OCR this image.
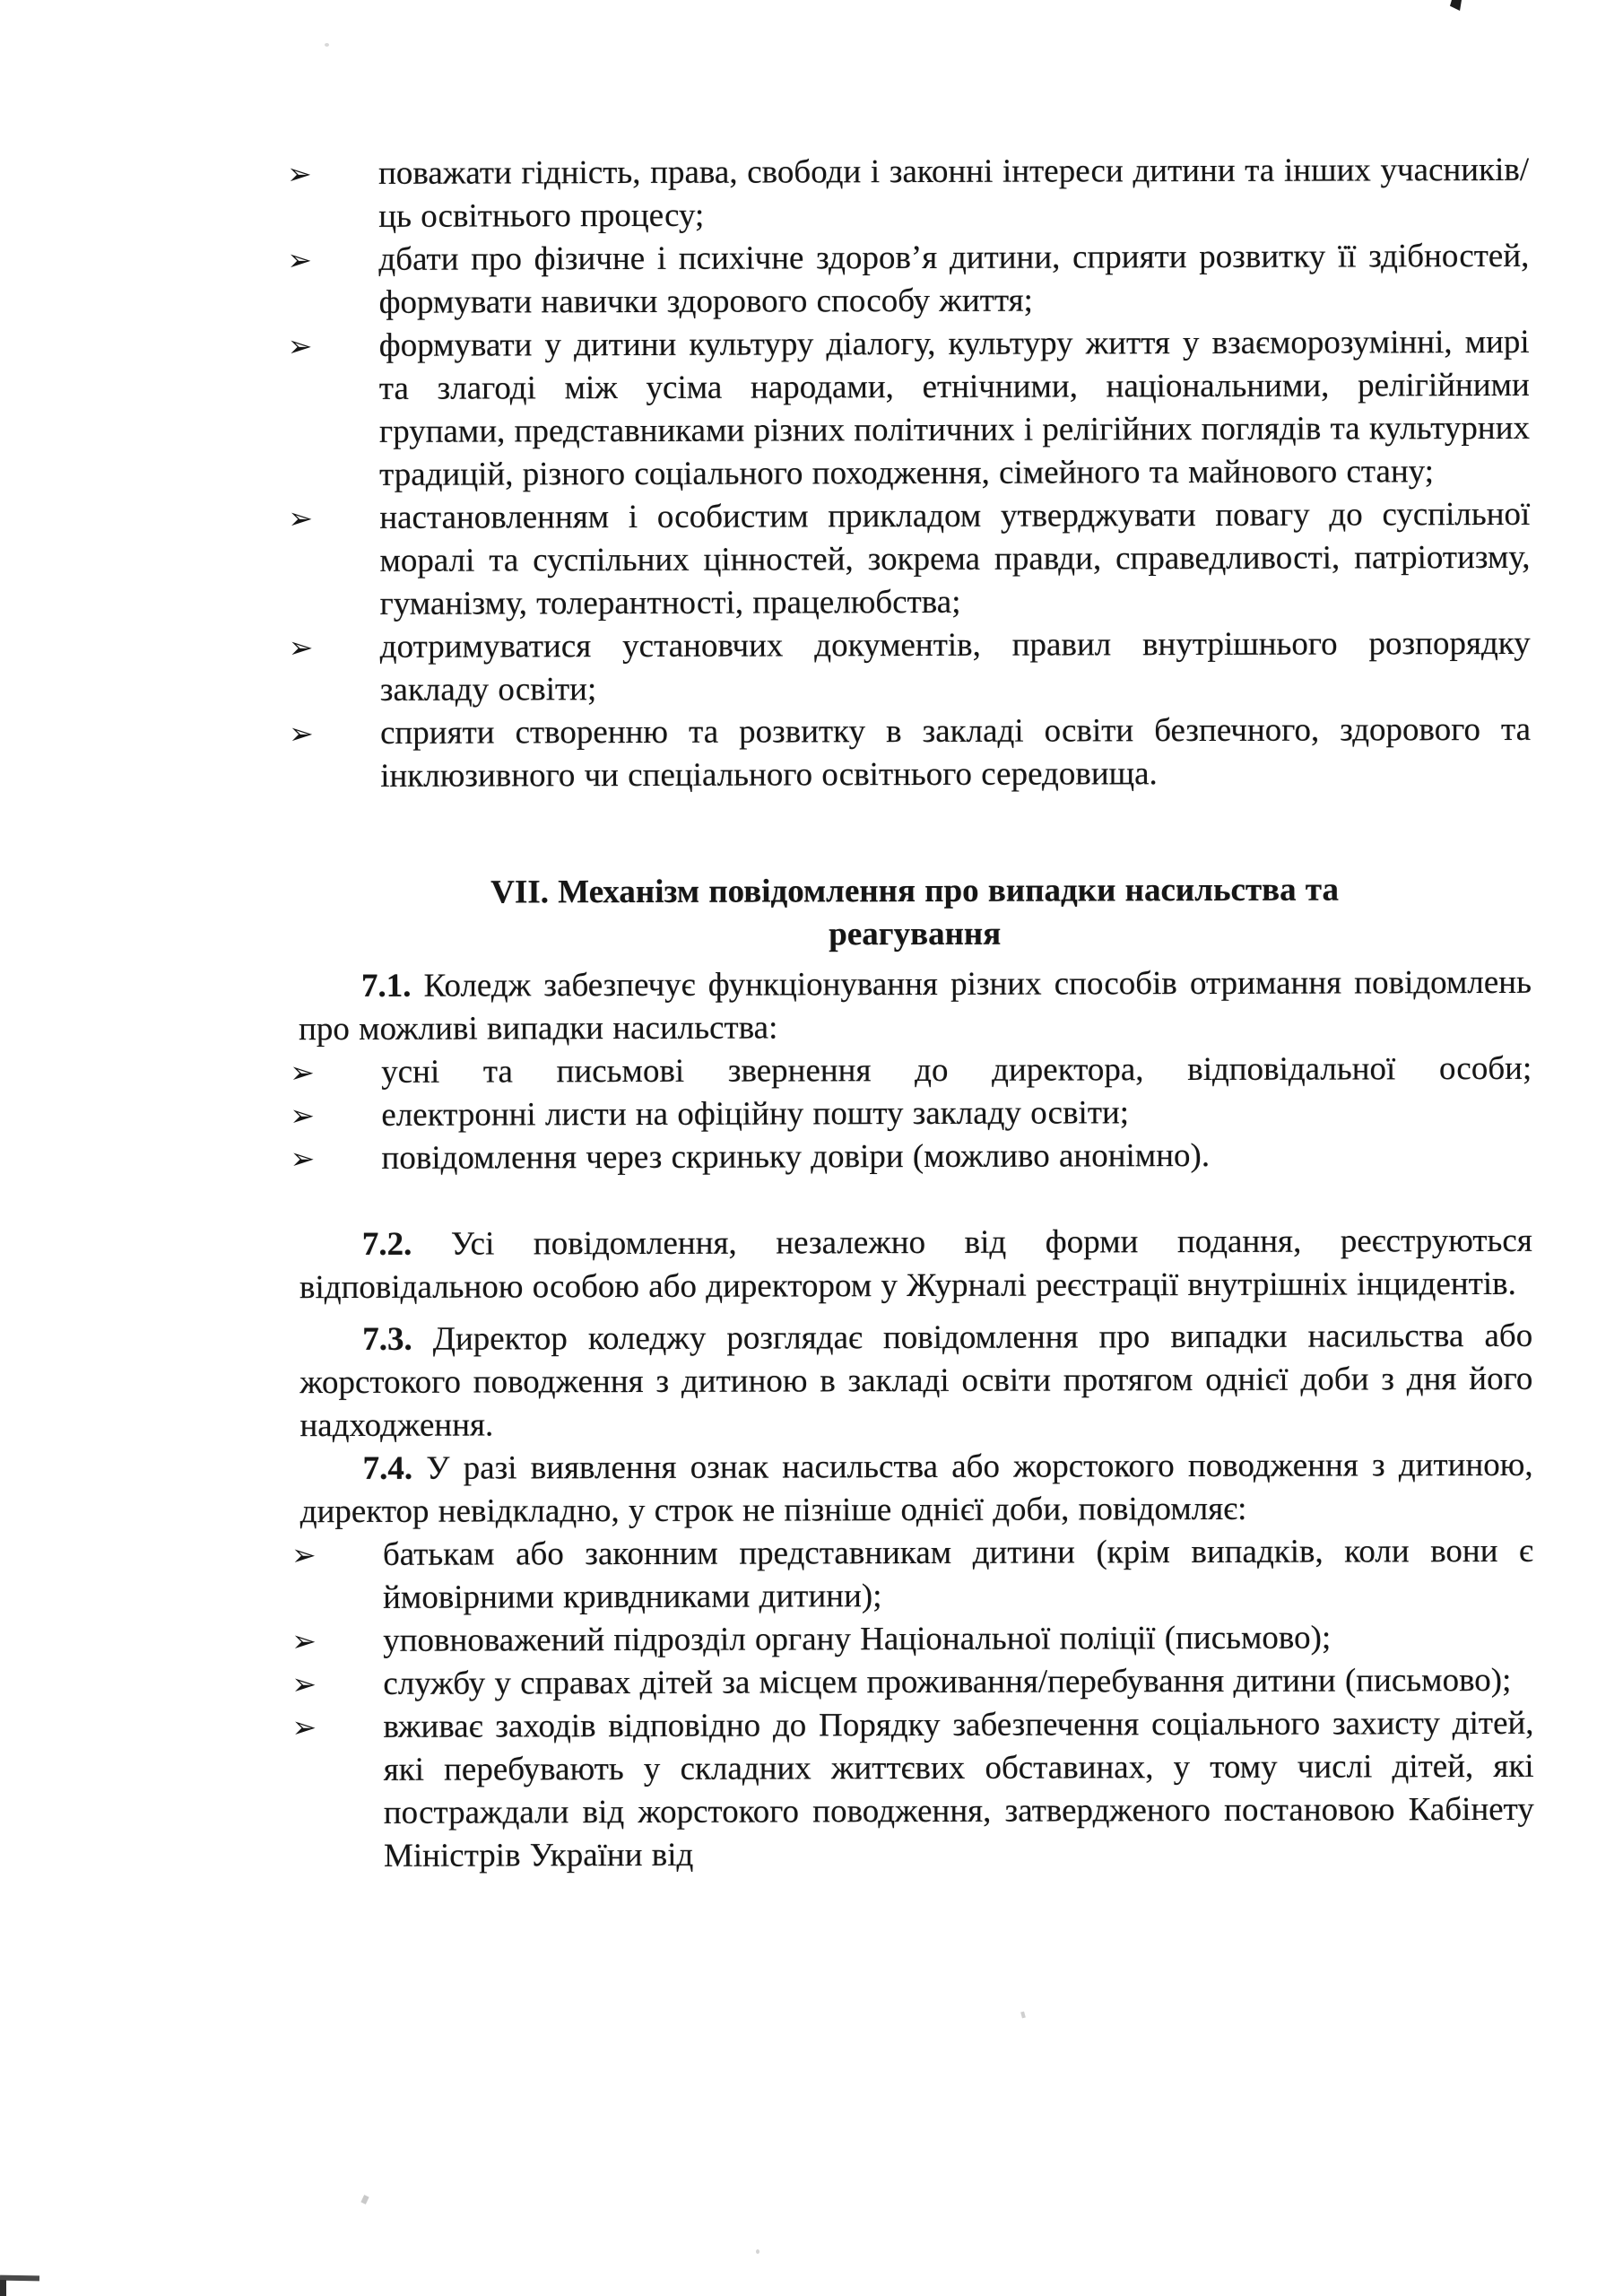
➢ поважати гідність, права, свободи і законні інтереси дитини та інших учасників/ць освітнього процесу;
➢ дбати про фізичне і психічне здоров’я дитини, сприяти розвитку її здібностей, формувати навички здорового способу життя;
➢ формувати у дитини культуру діалогу, культуру життя у взаєморозумінні, мирі та злагоді між усіма народами, етнічними, національними, релігійними групами, представниками різних політичних і релігійних поглядів та культурних традицій, різного соціального походження, сімейного та майнового стану;
➢ настановленням і особистим прикладом утверджувати повагу до суспільної моралі та суспільних цінностей, зокрема правди, справедливості, патріотизму, гуманізму, толерантності, працелюбства;
➢ дотримуватися установчих документів, правил внутрішнього розпорядку закладу освіти;
➢ сприяти створенню та розвитку в закладі освіти безпечного, здорового та інклюзивного чи спеціального освітнього середовища.
VII. Механізм повідомлення про випадки насильства та
реагування

7.1. Коледж забезпечує функціонування різних способів отримання повідомлень про можливі випадки насильства:

➢ усні та письмові звернення до директора, відповідальної особи;
➢ електронні листи на офіційну пошту закладу освіти;
➢ повідомлення через скриньку довіри (можливо анонімно).

7.2. Усі повідомлення, незалежно від форми подання, реєструються відповідальною особою або директором у Журналі реєстрації внутрішніх інцидентів.

7.3. Директор коледжу розглядає повідомлення про випадки насильства або жорстокого поводження з дитиною в закладі освіти протягом однієї доби з дня його надходження.

7.4. У разі виявлення ознак насильства або жорстокого поводження з дитиною, директор невідкладно, у строк не пізніше однієї доби, повідомляє:

➢ батькам або законним представникам дитини (крім випадків, коли вони є ймовірними кривдниками дитини);
➢ уповноважений підрозділ органу Національної поліції (письмово);
➢ службу у справах дітей за місцем проживання/перебування дитини (письмово);
➢ вживає заходів відповідно до Порядку забезпечення соціального захисту дітей, які перебувають у складних життєвих обставинах, у тому числі дітей, які постраждали від жорстокого поводження, затвердженого постановою Кабінету Міністрів України від
